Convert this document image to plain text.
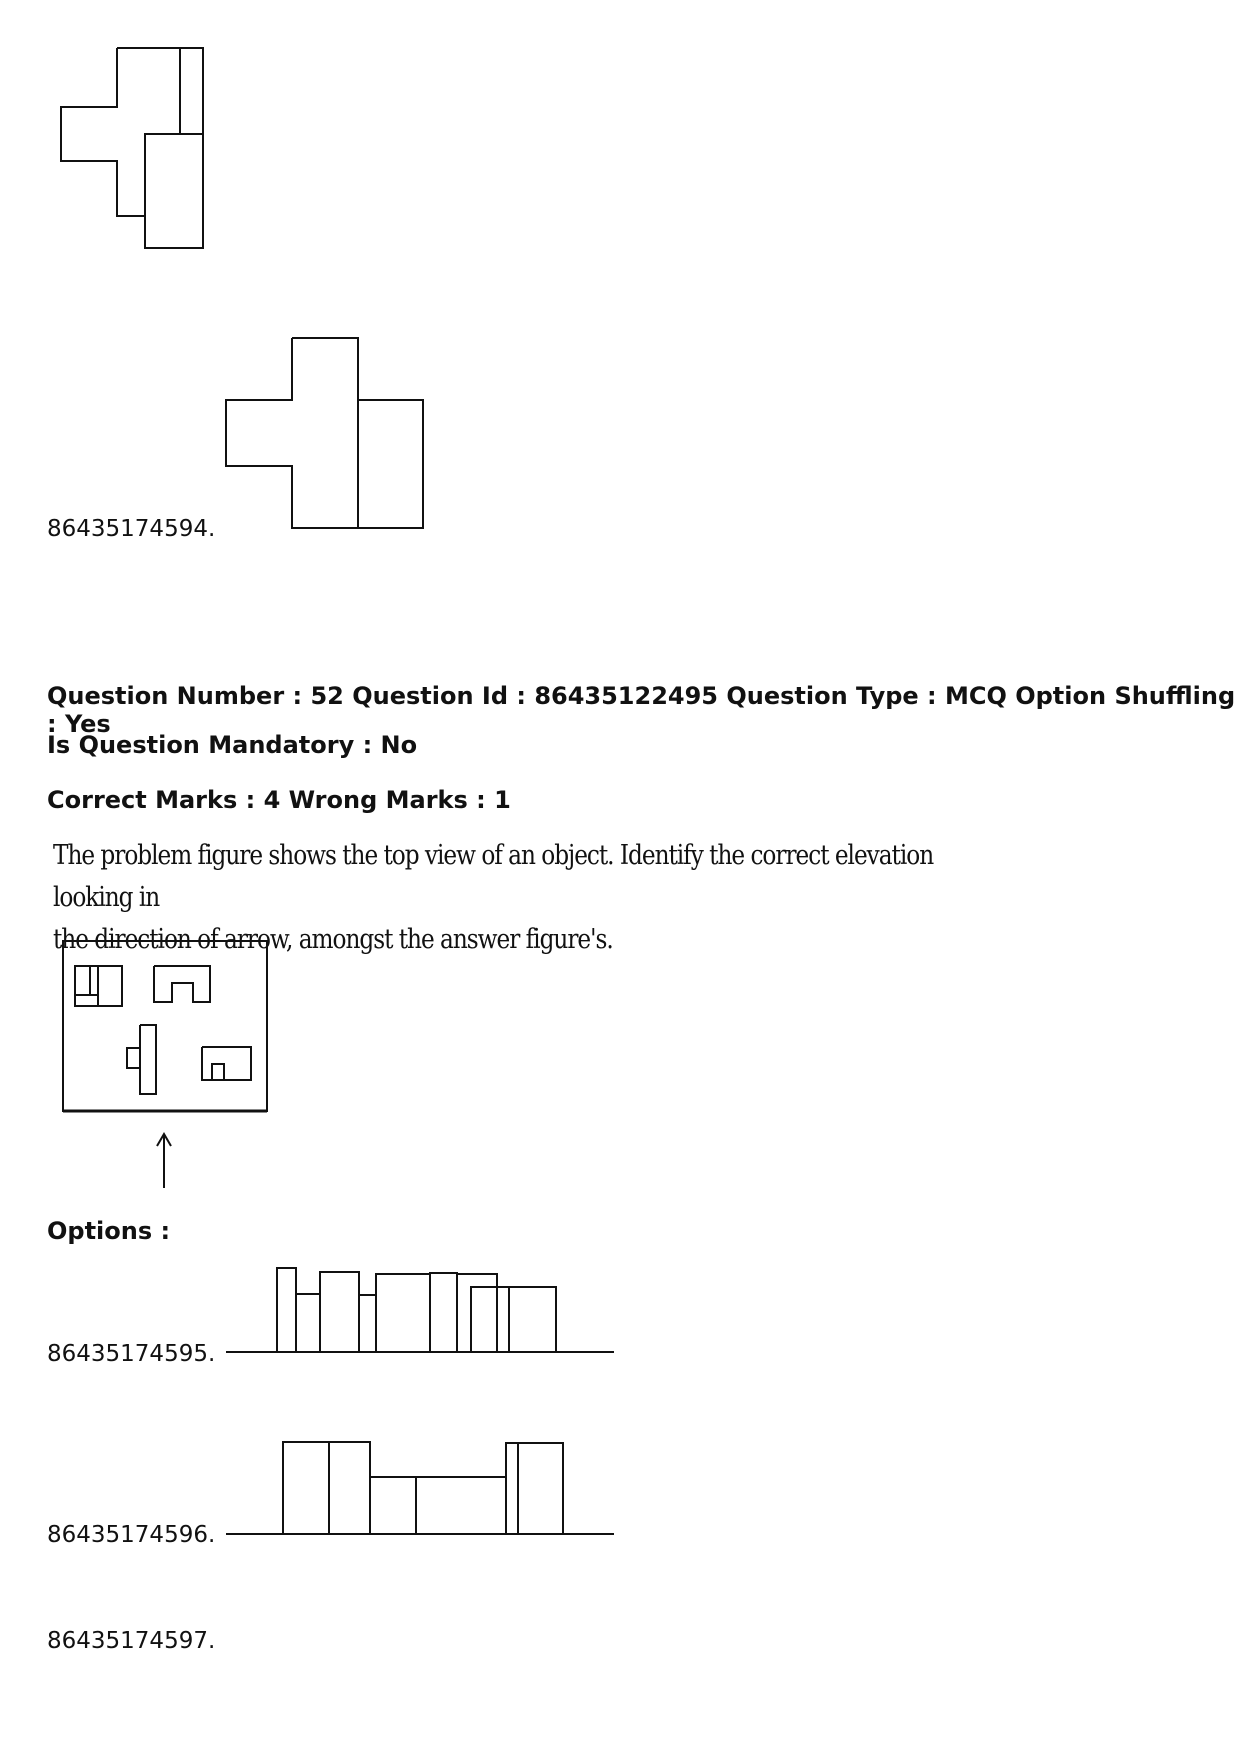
86435174594.
Question Number : 52 Question Id : 86435122495 Question Type : MCQ Option Shuffling : Yes
Is Question Mandatory : No
Correct Marks : 4 Wrong Marks : 1
The problem figure shows the top view of an object. Identify the correct elevation looking in
the direction of arrow, amongst the answer figure's.
Options :
86435174595.
86435174596.
86435174597.
